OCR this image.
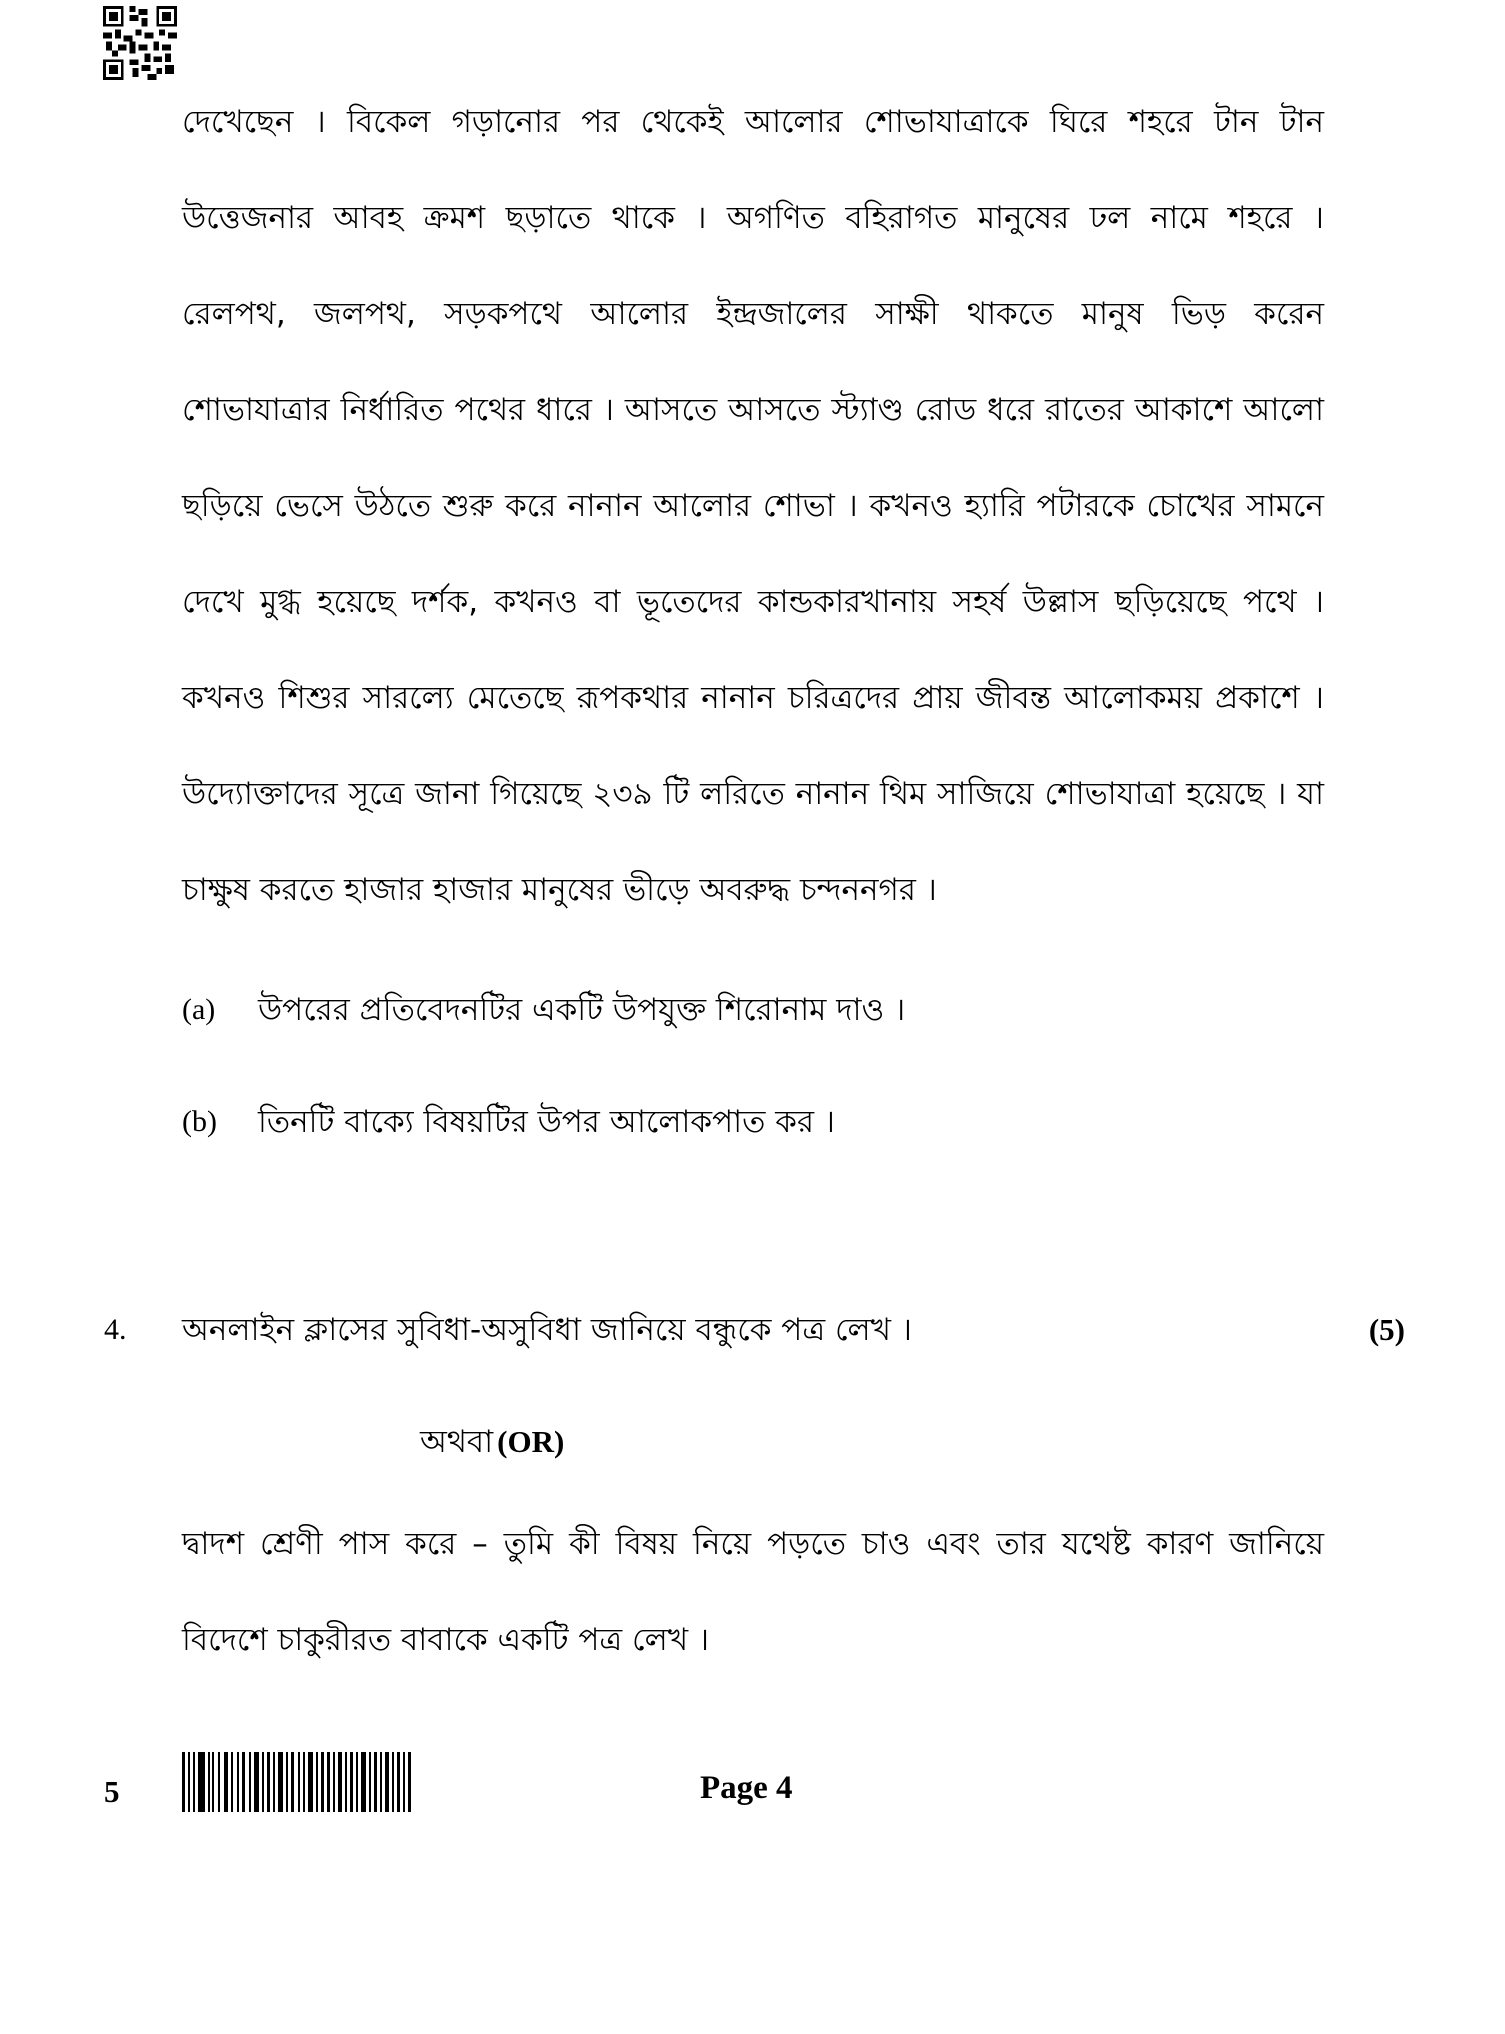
দেখেছেন । বিকেল গড়ানোর পর থেকেই আলোর শোভাযাত্রাকে ঘিরে শহরে টান টান
উত্তেজনার আবহ ক্রমশ ছড়াতে থাকে । অগণিত বহিরাগত মানুষের ঢল নামে শহরে ।
রেলপথ, জলপথ, সড়কপথে আলোর ইন্দ্রজালের সাক্ষী থাকতে মানুষ ভিড় করেন
শোভাযাত্রার নির্ধারিত পথের ধারে । আসতে আসতে স্ট্যাণ্ড রোড ধরে রাতের আকাশে আলো
ছড়িয়ে ভেসে উঠতে শুরু করে নানান আলোর শোভা । কখনও হ্যারি পটারকে চোখের সামনে
দেখে মুগ্ধ হয়েছে দর্শক, কখনও বা ভূতেদের কান্ডকারখানায় সহর্ষ উল্লাস ছড়িয়েছে পথে ।
কখনও শিশুর সারল্যে মেতেছে রূপকথার নানান চরিত্রদের প্রায় জীবন্ত আলোকময় প্রকাশে ।
উদ্যোক্তাদের সূত্রে জানা গিয়েছে ২৩৯ টি লরিতে নানান থিম সাজিয়ে শোভাযাত্রা হয়েছে । যা
চাক্ষুষ করতে হাজার হাজার মানুষের ভীড়ে অবরুদ্ধ চন্দননগর ।
(a) উপরের প্রতিবেদনটির একটি উপযুক্ত শিরোনাম দাও ।
(b) তিনটি বাক্যে বিষয়টির উপর আলোকপাত কর ।
4. অনলাইন ক্লাসের সুবিধা-অসুবিধা জানিয়ে বন্ধুকে পত্র লেখ ।	(5)
অথবা (OR)
দ্বাদশ শ্রেণী পাস করে – তুমি কী বিষয় নিয়ে পড়তে চাও এবং তার যথেষ্ট কারণ জানিয়ে
বিদেশে চাকুরীরত বাবাকে একটি পত্র লেখ ।
5	Page 4
